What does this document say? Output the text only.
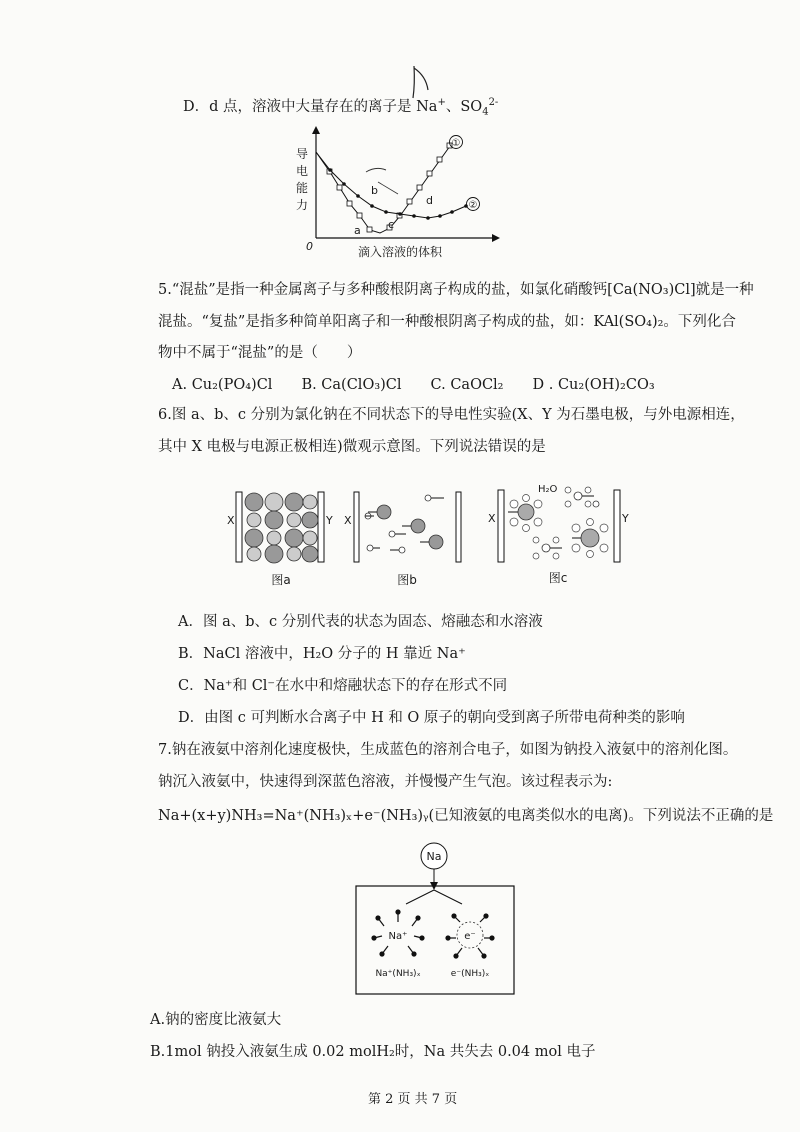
D．d 点，溶液中大量存在的离子是 Na+、$SO_4^{2-}$
导
电
能
力
0	滴入溶液的体积
①
②
a
b
c
d
5.“混盐”是指一种金属离子与多种酸根阴离子构成的盐，如氯化硝酸钙[Ca(NO₃)Cl]就是一种
混盐。“复盐”是指多种简单阳离子和一种酸根阴离子构成的盐，如：KAl(SO₄)₂。下列化合
物中不属于“混盐”的是（　　）
A. Cu₂(PO₄)Cl　　B. Ca(ClO₃)Cl　　C. CaOCl₂　　D . Cu₂(OH)₂CO₃
6.图 a、b、c 分别为氯化钠在不同状态下的导电性实验(X、Y 为石墨电极，与外电源相连，
其中 X 电极与电源正极相连)微观示意图。下列说法错误的是
X	Y
图a
X
图b
X	Y
H₂O
图c
A．图 a、b、c 分别代表的状态为固态、熔融态和水溶液
B．NaCl 溶液中，H₂O 分子的 H 靠近 Na⁺
C．Na⁺和 Cl⁻在水中和熔融状态下的存在形式不同
D．由图 c 可判断水合离子中 H 和 O 原子的朝向受到离子所带电荷种类的影响
7.钠在液氨中溶剂化速度极快，生成蓝色的溶剂合电子，如图为钠投入液氨中的溶剂化图。
钠沉入液氨中，快速得到深蓝色溶液，并慢慢产生气泡。该过程表示为:
Na+(x+y)NH₃=Na⁺(NH₃)ₓ+e⁻(NH₃)ᵧ(已知液氨的电离类似水的电离)。下列说法不正确的是
Na
Na⁺
Na⁺(NH₃)ₓ
e⁻
e⁻(NH₃)ₓ
A.钠的密度比液氨大
B.1mol 钠投入液氨生成 0.02 molH₂时，Na 共失去 0.04 mol 电子
第 2 页 共 7 页
